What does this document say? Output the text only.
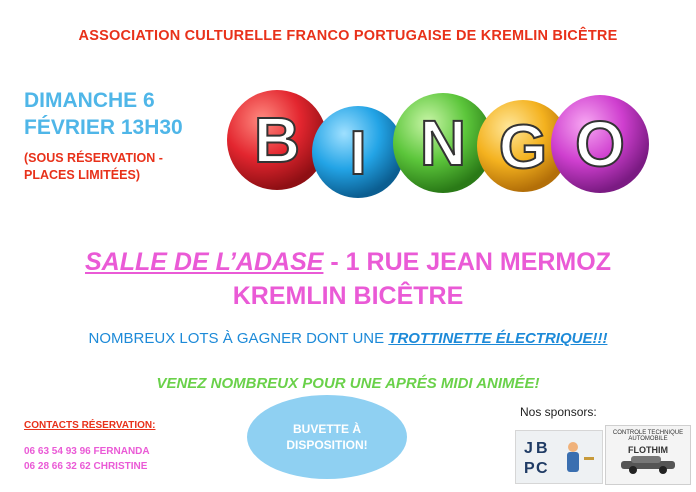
ASSOCIATION CULTURELLE FRANCO PORTUGAISE DE KREMLIN BICÊTRE
DIMANCHE 6
FÉVRIER 13H30
(SOUS RÉSERVATION -
PLACES LIMITÉES)	B I N G O
SALLE DE L’ADASE - 1 RUE JEAN MERMOZ
KREMLIN BICÊTRE
NOMBREUX LOTS À GAGNER DONT UNE TROTTINETTE ÉLECTRIQUE!!!
VENEZ NOMBREUX POUR UNE APRÉS MIDI ANIMÉE!
CONTACTS RÉSERVATION:
06 63 54 93 96 FERNANDA
06 28 66 32 62 CHRISTINE
BUVETTE À
DISPOSITION!
Nos sponsors:
J B
P C
CONTROLE TECHNIQUE
AUTOMOBILE
FLOTHIM
